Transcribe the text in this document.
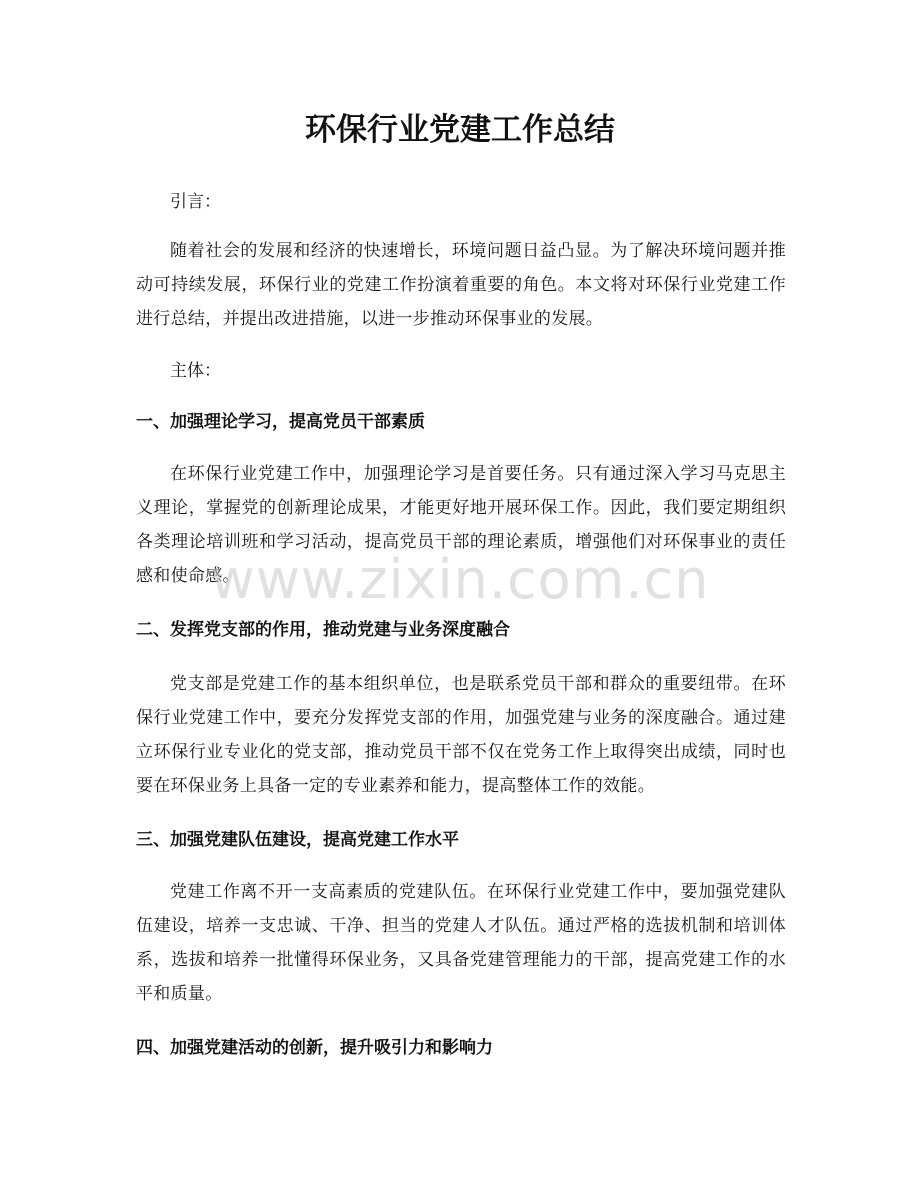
环保行业党建工作总结

引言：

随着社会的发展和经济的快速增长，环境问题日益凸显。为了解决环境问题并推动可持续发展，环保行业的党建工作扮演着重要的角色。本文将对环保行业党建工作进行总结，并提出改进措施，以进一步推动环保事业的发展。

主体：

一、加强理论学习，提高党员干部素质

在环保行业党建工作中，加强理论学习是首要任务。只有通过深入学习马克思主义理论，掌握党的创新理论成果，才能更好地开展环保工作。因此，我们要定期组织各类理论培训班和学习活动，提高党员干部的理论素质，增强他们对环保事业的责任感和使命感。

二、发挥党支部的作用，推动党建与业务深度融合

党支部是党建工作的基本组织单位，也是联系党员干部和群众的重要纽带。在环保行业党建工作中，要充分发挥党支部的作用，加强党建与业务的深度融合。通过建立环保行业专业化的党支部，推动党员干部不仅在党务工作上取得突出成绩，同时也要在环保业务上具备一定的专业素养和能力，提高整体工作的效能。

三、加强党建队伍建设，提高党建工作水平

党建工作离不开一支高素质的党建队伍。在环保行业党建工作中，要加强党建队伍建设，培养一支忠诚、干净、担当的党建人才队伍。通过严格的选拔机制和培训体系，选拔和培养一批懂得环保业务，又具备党建管理能力的干部，提高党建工作的水平和质量。

四、加强党建活动的创新，提升吸引力和影响力

www.zixin.com.cn
